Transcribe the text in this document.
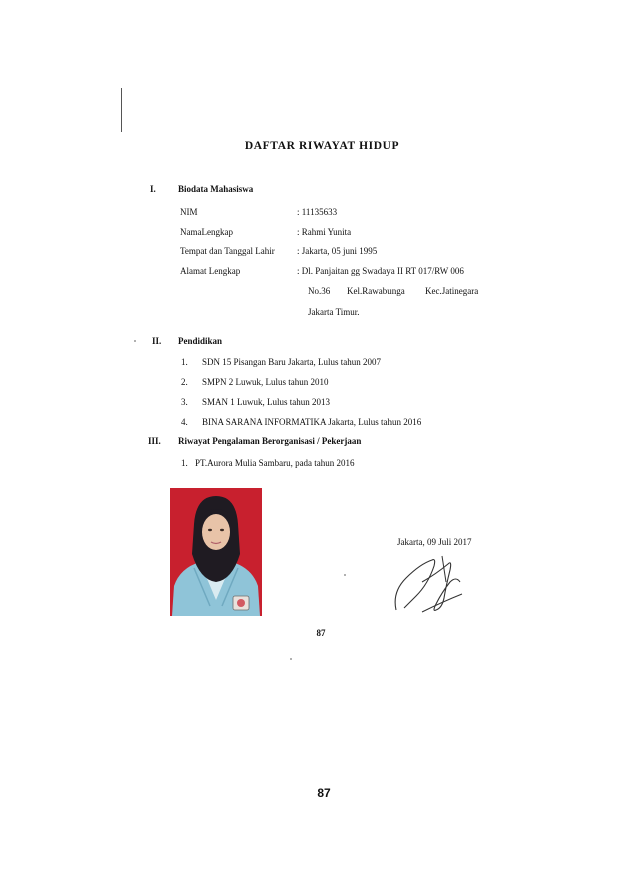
DAFTAR RIWAYAT HIDUP
I. Biodata Mahasiswa
NIM	: 11135633
NamaLengkap	: Rahmi Yunita
Tempat dan Tanggal Lahir : Jakarta, 05 juni 1995
Alamat Lengkap	: Dl. Panjaitan gg Swadaya II RT 017/RW 006
No.36 Kel.Rawabunga Kec.Jatinegara
Jakarta Timur.
II. Pendidikan
1. SDN 15 Pisangan Baru Jakarta, Lulus tahun 2007
2. SMPN 2 Luwuk, Lulus tahun 2010
3. SMAN 1 Luwuk, Lulus tahun 2013
4. BINA SARANA INFORMATIKA Jakarta, Lulus tahun 2016
III. Riwayat Pengalaman Berorganisasi / Pekerjaan
1. PT.Aurora Mulia Sambaru, pada tahun 2016
Jakarta, 09 Juli 2017
87
87
